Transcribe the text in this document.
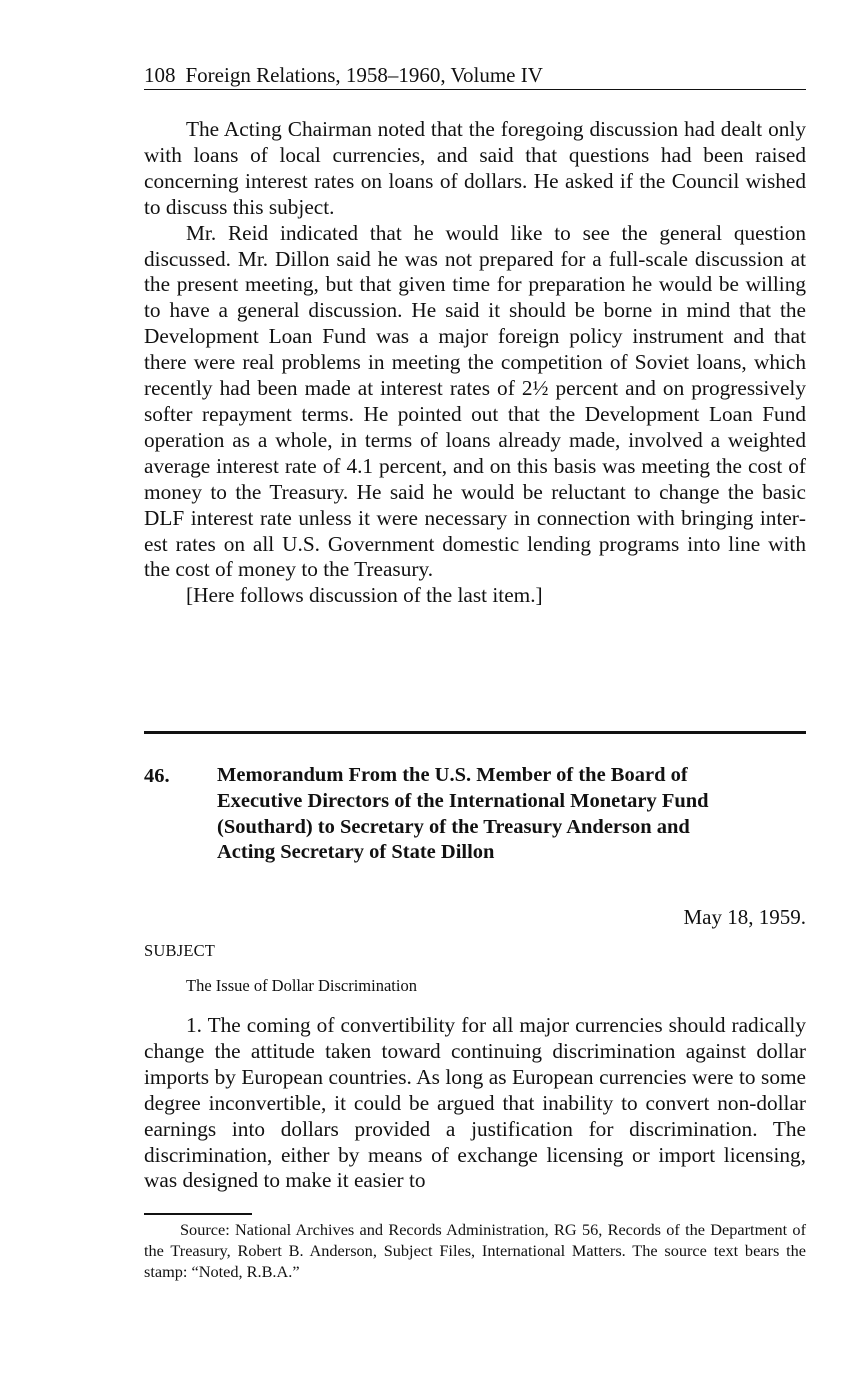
108 Foreign Relations, 1958–1960, Volume IV

The Acting Chairman noted that the foregoing discussion had dealt only with loans of local currencies, and said that questions had been raised concerning interest rates on loans of dollars. He asked if the Council wished to discuss this subject.

Mr. Reid indicated that he would like to see the general question discussed. Mr. Dillon said he was not prepared for a full-scale discussion at the present meeting, but that given time for preparation he would be willing to have a general discussion. He said it should be borne in mind that the Development Loan Fund was a major foreign policy instrument and that there were real problems in meeting the competition of Soviet loans, which recently had been made at interest rates of 2½ percent and on progressively softer repayment terms. He pointed out that the Development Loan Fund operation as a whole, in terms of loans already made, involved a weighted average interest rate of 4.1 percent, and on this basis was meeting the cost of money to the Treasury. He said he would be reluctant to change the basic DLF interest rate unless it were necessary in connection with bringing interest rates on all U.S. Government domestic lending programs into line with the cost of money to the Treasury.

[Here follows discussion of the last item.]

46. Memorandum From the U.S. Member of the Board of
Executive Directors of the International Monetary Fund
(Southard) to Secretary of the Treasury Anderson and
Acting Secretary of State Dillon
May 18, 1959.
SUBJECT
The Issue of Dollar Discrimination

1. The coming of convertibility for all major currencies should radically change the attitude taken toward continuing discrimination against dollar imports by European countries. As long as European currencies were to some degree inconvertible, it could be argued that inability to convert non-dollar earnings into dollars provided a justification for discrimination. The discrimination, either by means of exchange licensing or import licensing, was designed to make it easier to

Source: National Archives and Records Administration, RG 56, Records of the Department of the Treasury, Robert B. Anderson, Subject Files, International Matters. The source text bears the stamp: “Noted, R.B.A.”
